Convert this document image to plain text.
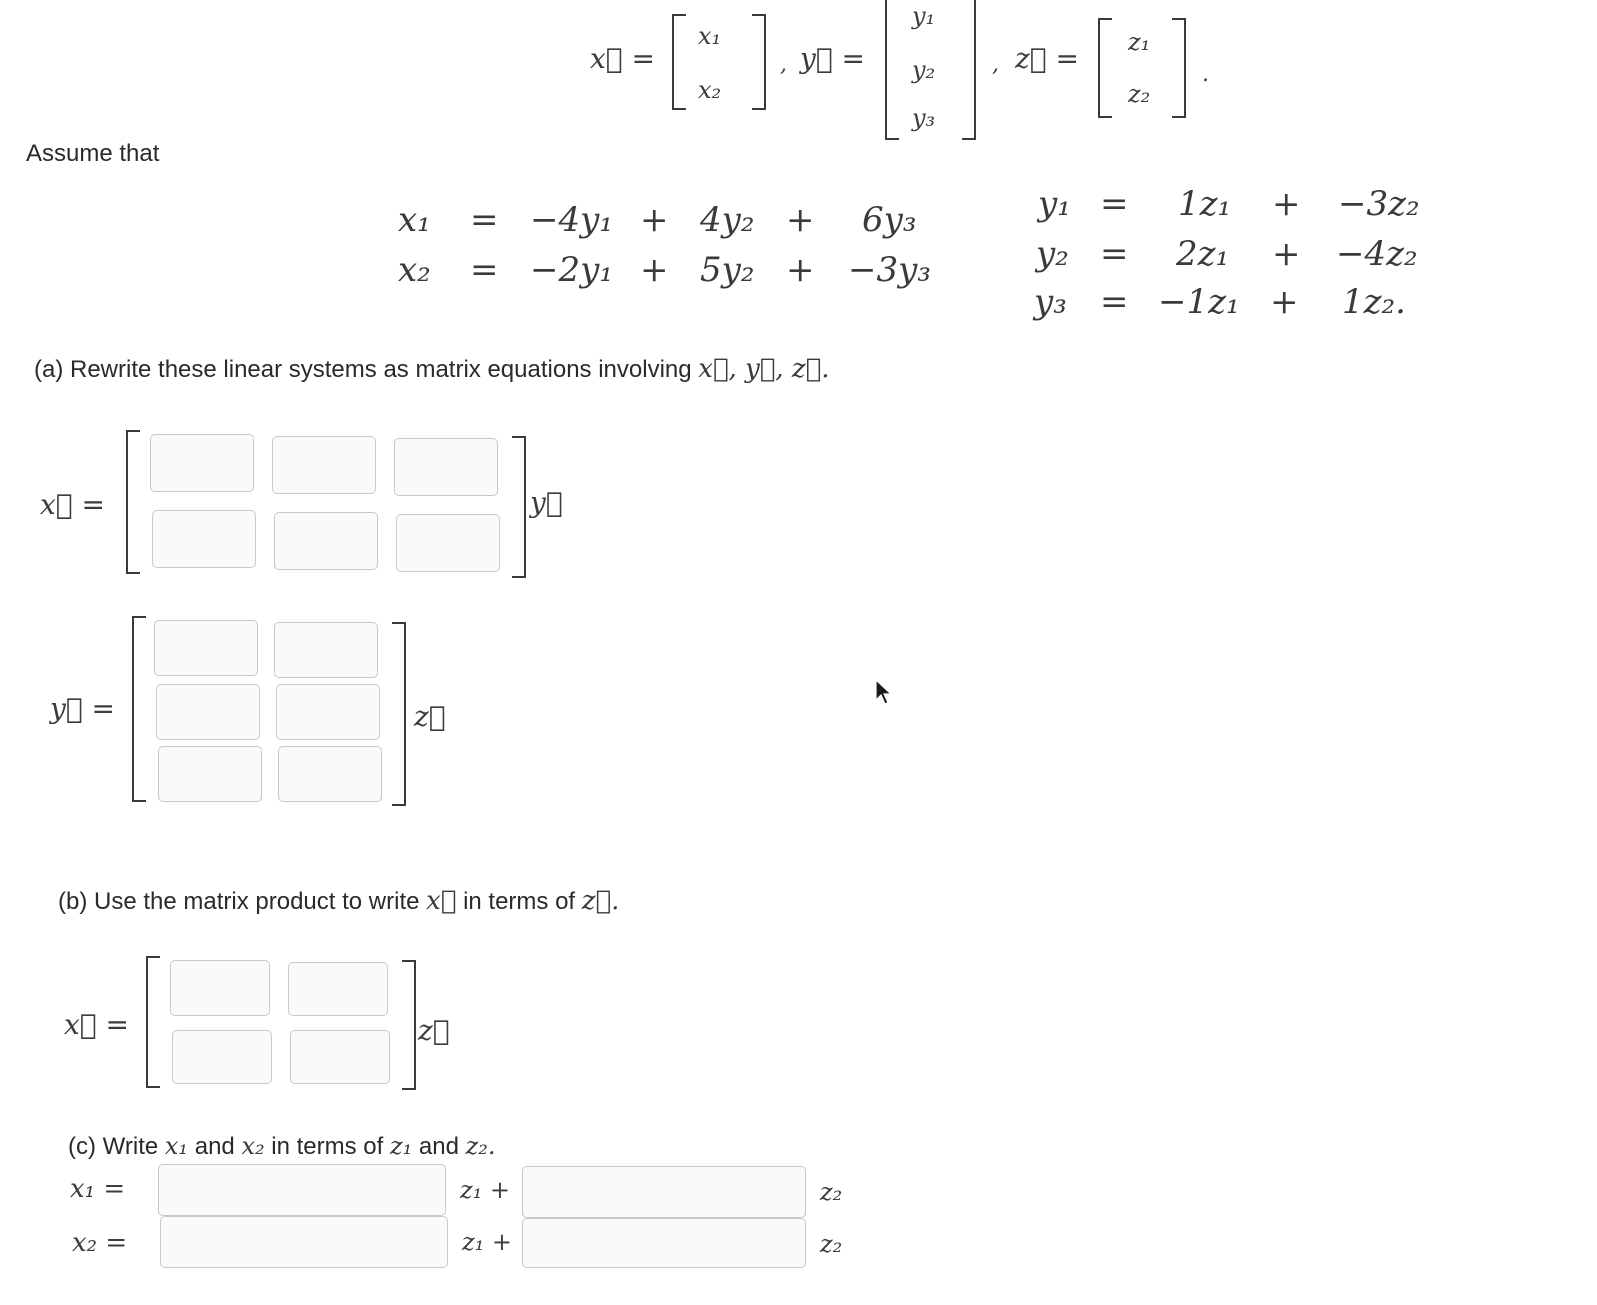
x⃗ =
x₁
x₂
, y⃗ =
y₁
y₂
y₃
, z⃗ = z₁
z₂
.
Assume that
x₁ = −4y₁ + 4y₂ + 6y₃
x₂ = −2y₁ + 5y₂ + −3y₃
y₁ = 1z₁ + −3z₂
y₂ = 2z₁ + −4z₂
y₃ = −1z₁ + 1z₂.
(a) Rewrite these linear systems as matrix equations involving x⃗, y⃗, z⃗.
x⃗ =	y⃗
y⃗ =	z⃗
(b) Use the matrix product to write x⃗ in terms of z⃗.
x⃗ =	z⃗
(c) Write x₁ and x₂ in terms of z₁ and z₂.
x₁ =	z₁ +	z₂
x₂ =	z₁ +	z₂
